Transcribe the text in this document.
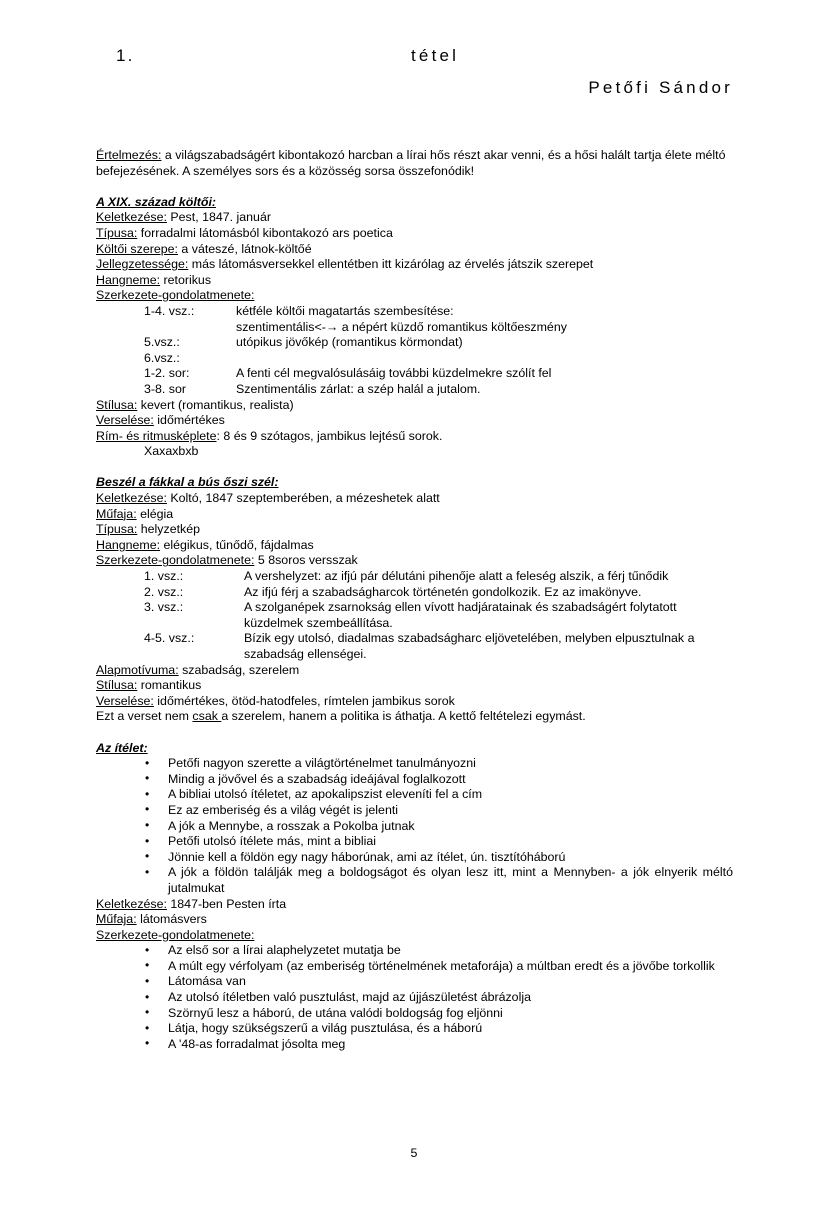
1.	tétel
Petőfi Sándor

Értelmezés: a világszabadságért kibontakozó harcban a lírai hős részt akar venni, és a hősi halált tartja élete méltó befejezésének. A személyes sors és a közösség sorsa összefonódik!

A XIX. század költői:
Keletkezése: Pest, 1847. január
Típusa: forradalmi látomásból kibontakozó ars poetica
Költői szerepe: a váteszé, látnok-költőé
Jellegzetessége: más látomásversekkel ellentétben itt kizárólag az érvelés játszik szerepet
Hangneme: retorikus
Szerkezete-gondolatmenete:
1-4. vsz.:	kétféle költői magatartás szembesítése:
szentimentális<-→ a népért küzdő romantikus költőeszmény
5.vsz.:	utópikus jövőkép (romantikus körmondat)
6.vsz.:	
1-2. sor:	A fenti cél megvalósulásáig további küzdelmekre szólít fel
3-8. sor	Szentimentális zárlat: a szép halál a jutalom.
Stílusa: kevert (romantikus, realista)
Verselése: időmértékes
Rím- és ritmusképlete: 8 és 9 szótagos, jambikus lejtésű sorok.
Xaxaxbxb
Beszél a fákkal a bús őszi szél:
Keletkezése: Koltó, 1847 szeptemberében, a mézeshetek alatt
Műfaja: elégia
Típusa: helyzetkép
Hangneme: elégikus, tűnődő, fájdalmas
Szerkezete-gondolatmenete: 5 8soros versszak
1. vsz.:	A vershelyzet: az ifjú pár délutáni pihenője alatt a feleség alszik, a férj tűnődik
2. vsz.:	Az ifjú férj a szabadságharcok történetén gondolkozik. Ez az imakönyve.
3. vsz.:	A szolganépek zsarnokság ellen vívott hadjáratainak és szabadságért folytatott
küzdelmek szembeállítása.
4-5. vsz.:	Bízik egy utolsó, diadalmas szabadságharc eljövetelében, melyben elpusztulnak a
szabadság ellenségei.
Alapmotívuma: szabadság, szerelem
Stílusa: romantikus
Verselése: időmértékes, ötöd-hatodfeles, rímtelen jambikus sorok
Ezt a verset nem csak a szerelem, hanem a politika is áthatja. A kettő feltételezi egymást.
Az ítélet:
• Petőfi nagyon szerette a világtörténelmet tanulmányozni
• Mindig a jövővel és a szabadság ideájával foglalkozott
• A bibliai utolsó ítéletet, az apokalipszist eleveníti fel a cím
• Ez az emberiség és a világ végét is jelenti
• A jók a Mennybe, a rosszak a Pokolba jutnak
• Petőfi utolsó ítélete más, mint a bibliai
• Jönnie kell a földön egy nagy háborúnak, ami az ítélet, ún. tisztítóháború
• A jók a földön találják meg a boldogságot és olyan lesz itt, mint a Mennyben- a jók elnyerik méltó jutalmukat
Keletkezése: 1847-ben Pesten írta
Műfaja: látomásvers
Szerkezete-gondolatmenete:
• Az első sor a lírai alaphelyzetet mutatja be
• A múlt egy vérfolyam (az emberiség történelmének metaforája) a múltban eredt és a jövőbe torkollik
• Látomása van
• Az utolsó ítéletben való pusztulást, majd az újjászületést ábrázolja
• Szörnyű lesz a háború, de utána valódi boldogság fog eljönni
• Látja, hogy szükségszerű a világ pusztulása, és a háború
• A '48-as forradalmat jósolta meg
5
